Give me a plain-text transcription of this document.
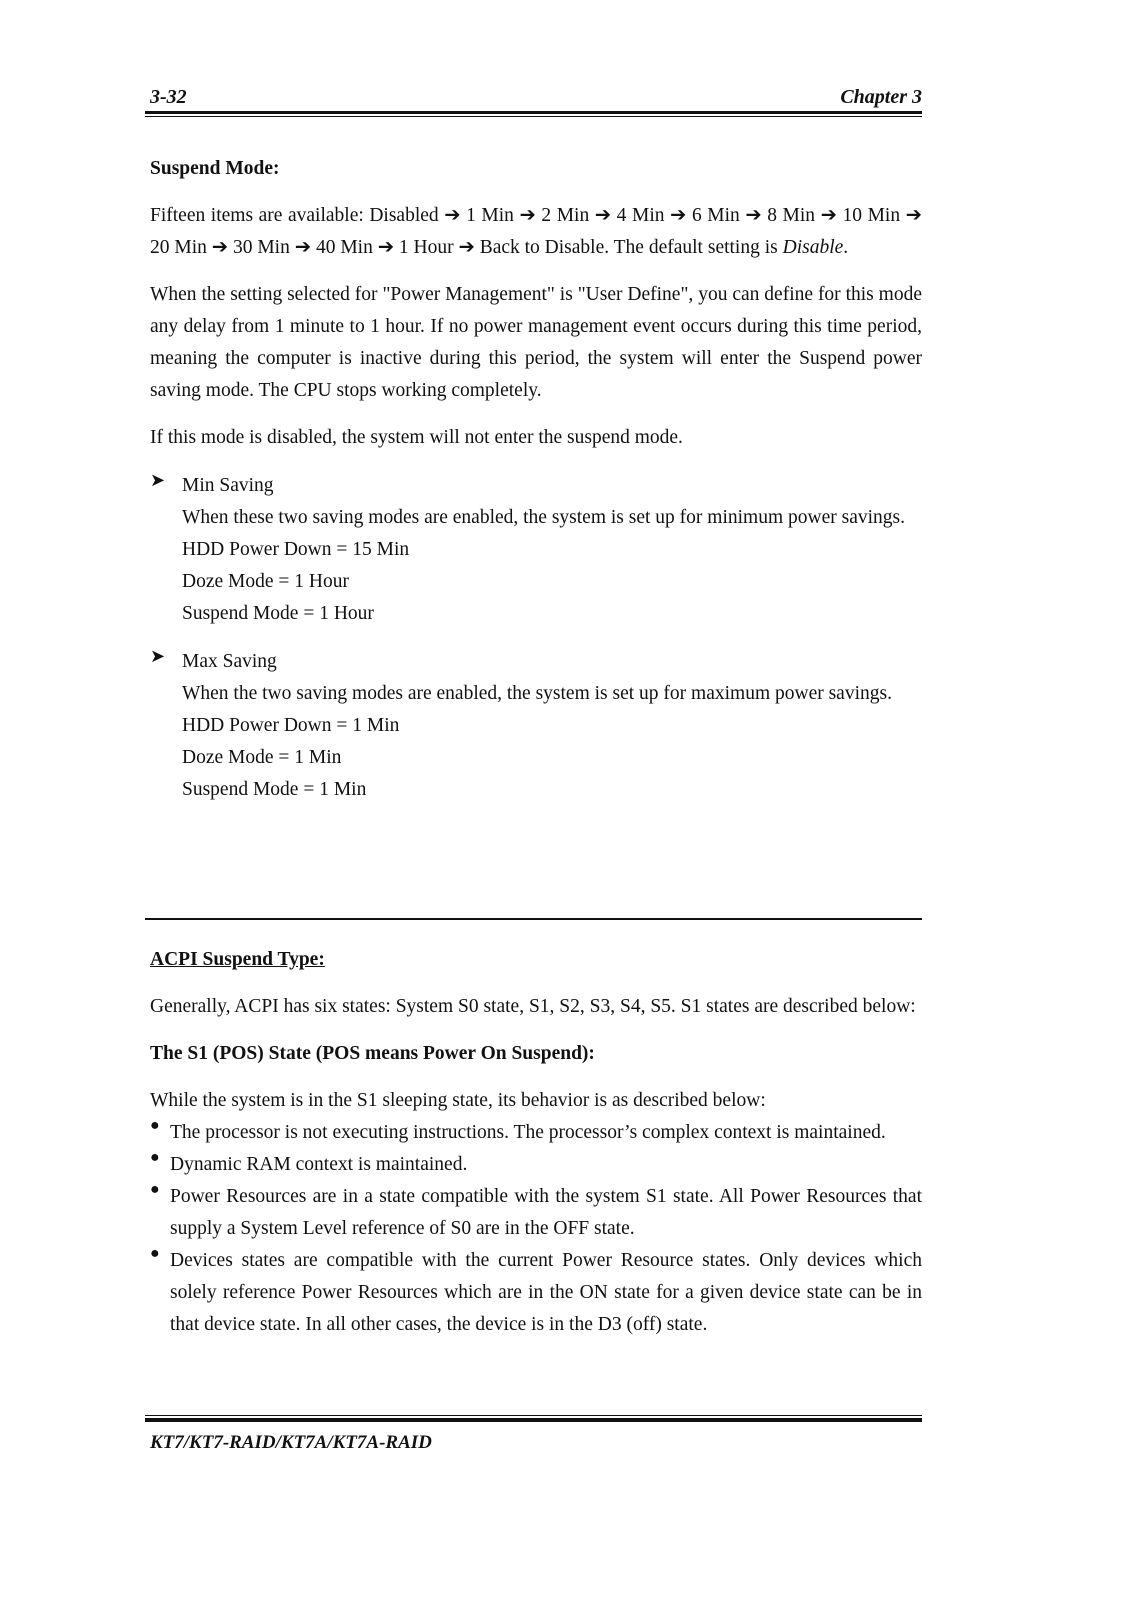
3-32	Chapter 3
Suspend Mode:

Fifteen items are available: Disabled ➔ 1 Min ➔ 2 Min ➔ 4 Min ➔ 6 Min ➔ 8 Min ➔ 10 Min ➔ 20 Min ➔ 30 Min ➔ 40 Min ➔ 1 Hour ➔ Back to Disable. The default setting is Disable.

When the setting selected for "Power Management" is "User Define", you can define for this mode any delay from 1 minute to 1 hour. If no power management event occurs during this time period, meaning the computer is inactive during this period, the system will enter the Suspend power saving mode. The CPU stops working completely.

If this mode is disabled, the system will not enter the suspend mode.

➤ Min Saving

When these two saving modes are enabled, the system is set up for minimum power savings.

HDD Power Down = 15 Min
Doze Mode = 1 Hour
Suspend Mode = 1 Hour
➤ Max Saving

When the two saving modes are enabled, the system is set up for maximum power savings.

HDD Power Down = 1 Min
Doze Mode = 1 Min
Suspend Mode = 1 Min
ACPI Suspend Type:

Generally, ACPI has six states: System S0 state, S1, S2, S3, S4, S5. S1 states are described below:

The S1 (POS) State (POS means Power On Suspend):

While the system is in the S1 sleeping state, its behavior is as described below:

● The processor is not executing instructions. The processor’s complex context is maintained.

● Dynamic RAM context is maintained.

● Power Resources are in a state compatible with the system S1 state. All Power Resources that supply a System Level reference of S0 are in the OFF state.

● Devices states are compatible with the current Power Resource states. Only devices which solely reference Power Resources which are in the ON state for a given device state can be in that device state. In all other cases, the device is in the D3 (off) state.

KT7/KT7-RAID/KT7A/KT7A-RAID
